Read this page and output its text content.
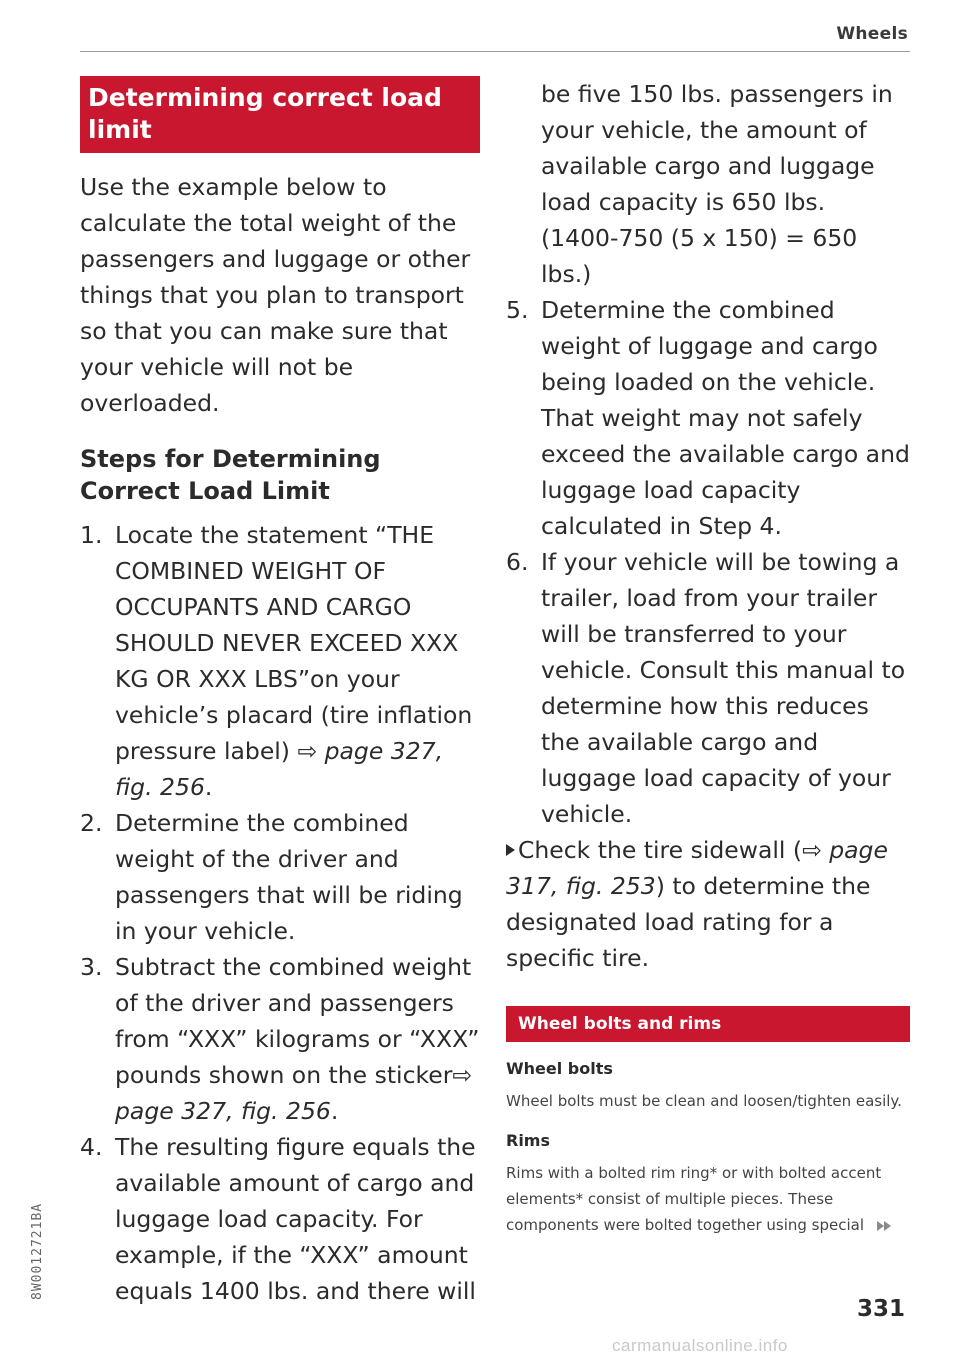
Wheels
Determining correct load limit

Use the example below to calculate the total weight of the passengers and luggage or other things that you plan to transport so that you can make sure that your vehicle will not be overloaded.

Steps for Determining Correct Load Limit
1. Locate the statement “THE COMBINED WEIGHT OF OCCUPANTS AND CARGO SHOULD NEVER EXCEED XXX KG OR XXX LBS”on your vehicle’s placard (tire inflation pressure label) ⇨ page 327, fig. 256.
2. Determine the combined weight of the driver and passengers that will be riding in your vehicle.
3. Subtract the combined weight of the driver and passengers from “XXX” kilograms or “XXX” pounds shown on the sticker⇨ page 327, fig. 256.
4. The resulting figure equals the available amount of cargo and luggage load capacity. For example, if the “XXX” amount equals 1400 lbs. and there will
be five 150 lbs. passengers in your vehicle, the amount of available cargo and luggage load capacity is 650 lbs. (1400-750 (5 x 150) = 650 lbs.)
5. Determine the combined weight of luggage and cargo being loaded on the vehicle. That weight may not safely exceed the available cargo and luggage load capacity calculated in Step 4.
6. If your vehicle will be towing a trailer, load from your trailer will be transferred to your vehicle. Consult this manual to determine how this reduces the available cargo and luggage load capacity of your vehicle.
Check the tire sidewall (⇨ page 317, fig. 253) to determine the designated load rating for a specific tire.
Wheel bolts and rims
Wheel bolts
Wheel bolts must be clean and loosen/tighten easily.
Rims
Rims with a bolted rim ring* or with bolted accent elements* consist of multiple pieces. These components were bolted together using special
8W0012721BA
331
carmanualsonline.info
